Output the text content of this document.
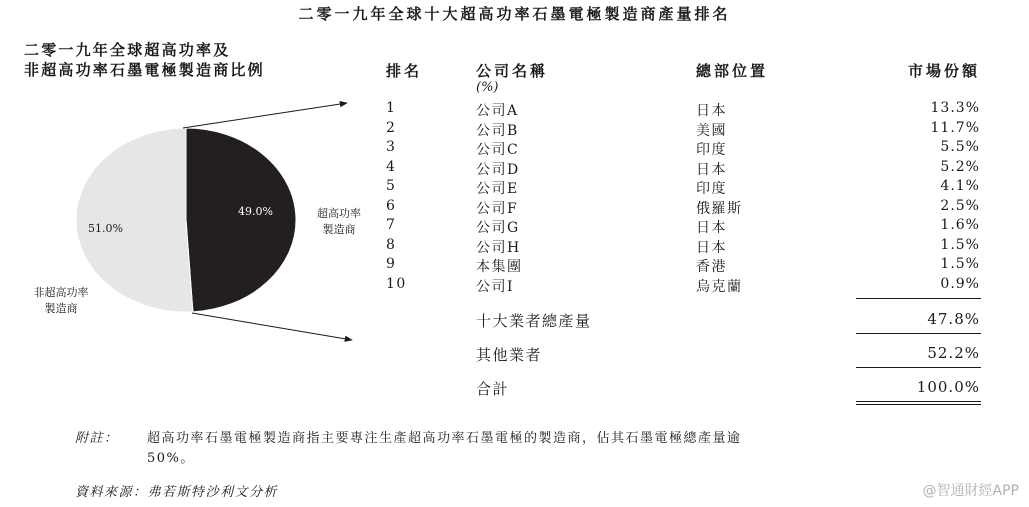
二零一九年全球十大超高功率石墨電極製造商產量排名
二零一九年全球超高功率及
非超高功率石墨電極製造商比例
49.0%
51.0%
超高功率
製造商
非超高功率
製造商
排名	公司名稱	總部位置	市場份額
(%)
1	公司A	日本	13.3%
2	公司B	美國	11.7%
3	公司C	印度	5.5%
4	公司D	日本	5.2%
5	公司E	印度	4.1%
6	公司F	俄羅斯	2.5%
7	公司G	日本	1.6%
8	公司H	日本	1.5%
9	本集團	香港	1.5%
10	公司I	烏克蘭	0.9%
十大業者總產量	47.8%
其他業者	52.2%
合計	100.0%
附註： 超高功率石墨電極製造商指主要專注生產超高功率石墨電極的製造商，佔其石墨電極總產量逾
50%。
資料來源：弗若斯特沙利文分析	@智通財經APP
